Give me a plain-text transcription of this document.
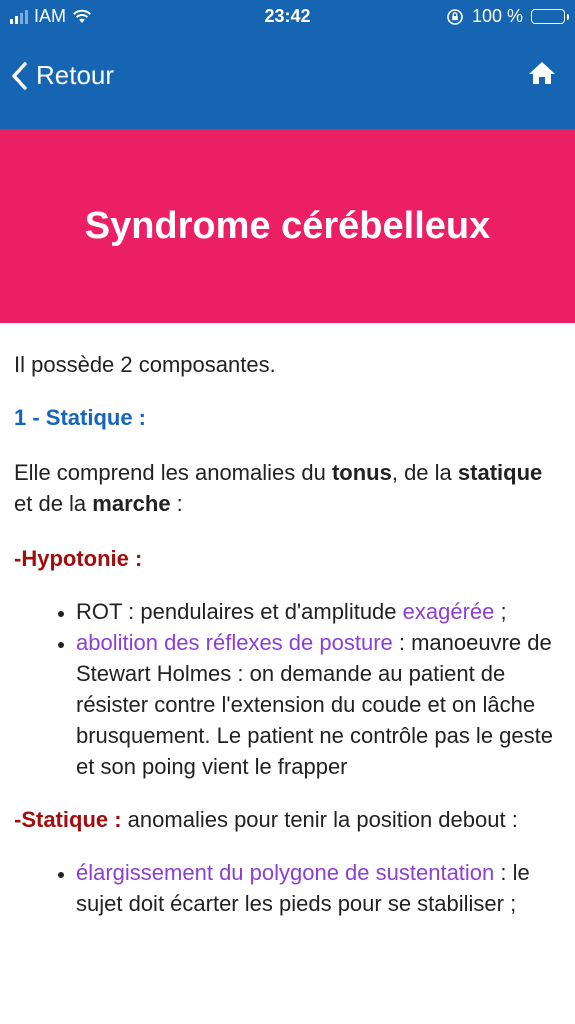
IAM	23:42	100 %
Retour
Syndrome cérébelleux

Il possède 2 composantes.

1 - Statique :

Elle comprend les anomalies du tonus, de la statique et de la marche :

-Hypotonie :

• ROT : pendulaires et d'amplitude exagérée ;
• abolition des réflexes de posture : manoeuvre de Stewart Holmes : on demande au patient de résister contre l'extension du coude et on lâche brusquement. Le patient ne contrôle pas le geste et son poing vient le frapper

-Statique : anomalies pour tenir la position debout :

• élargissement du polygone de sustentation : le sujet doit écarter les pieds pour se stabiliser ;
